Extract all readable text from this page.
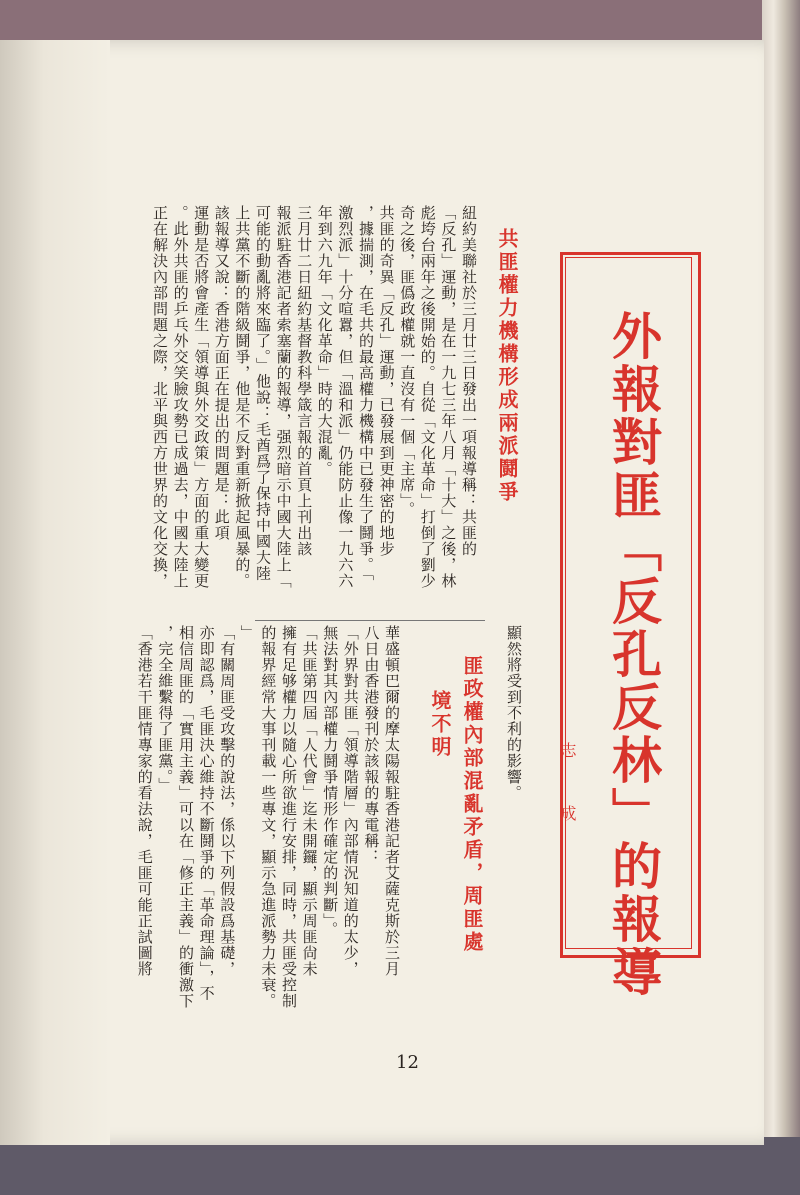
外報對匪「反孔反林」的報導
志 成
共匪權力機構形成兩派鬪爭
紐約美聯社於三月廿三日發出一項報導稱：共匪的
「反孔」運動，是在一九七三年八月「十大」之後，林
彪垮台兩年之後開始的。自從「文化革命」打倒了劉少
奇之後，匪僞政權就一直沒有一個「主席」。
共匪的奇異「反孔」運動，已發展到更神密的地步
，據揣測，在毛共的最高權力機構中已發生了鬪爭。「
激烈派」十分喧囂，但「溫和派」仍能防止像一九六六
年到六九年「文化革命」時的大混亂。
三月廿二日紐約基督教科學箴言報的首頁上刊出該
報派駐香港記者索塞蘭的報導，强烈暗示中國大陸上「
可能的動亂將來臨了。」他說：毛酋爲了保持中國大陸
上共黨不斷的階級鬪爭，他是不反對重新掀起風暴的。
該報導又說：香港方面正在提出的問題是：此項
運動是否將會產生「領導與外交政策」方面的重大變更
。此外共匪的乒乓外交笑臉攻勢已成過去，中國大陸上
正在解決內部問題之際，北平與西方世界的文化交換，
顯然將受到不利的影響。
匪政權內部混亂矛盾，周匪處
境不明
華盛頓巴爾的摩太陽報駐香港記者艾薩克斯於三月
八日由香港發刊於該報的專電稱：
「外界對共匪「領導階層」內部情況知道的太少，
無法對其內部權力鬪爭情形作確定的判斷」。
「共匪第四屆「人代會」迄未開鑼，顯示周匪尙未
擁有足够權力以隨心所欲進行安排，同時，共匪受控制
的報界經常大事刊載一些專文，顯示急進派勢力未衰。
」
「有關周匪受攻擊的說法，係以下列假設爲基礎，
亦即認爲，毛匪決心維持不斷鬪爭的「革命理論」，不
相信周匪的「實用主義」可以在「修正主義」的衝激下
，完全維繫得了匪黨。」
「香港若干匪情專家的看法說，毛匪可能正試圖將
12
